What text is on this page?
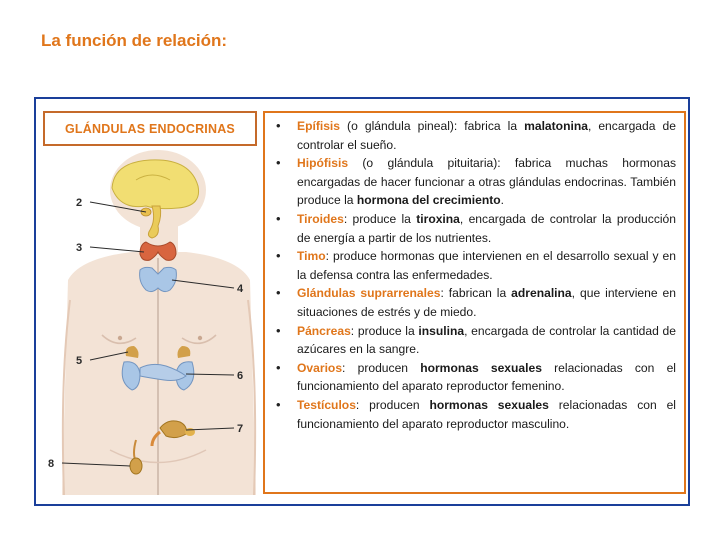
La función de relación:
GLÁNDULAS ENDOCRINAS
2
3
4
5
6
7
8
• Epífisis (o glándula pineal): fabrica la malatonina, encargada de controlar el sueño.
• Hipófisis (o glándula pituitaria): fabrica muchas hormonas encargadas de hacer funcionar a otras glándulas endocrinas. También produce la hormona del crecimiento.
• Tiroides: produce la tiroxina, encargada de controlar la producción de energía a partir de los nutrientes.
• Timo: produce hormonas que intervienen en el desarrollo sexual y en la defensa contra las enfermedades.
• Glándulas suprarrenales: fabrican la adrenalina, que interviene en situaciones de estrés y de miedo.
• Páncreas: produce la insulina, encargada de controlar la cantidad de azúcares en la sangre.
• Ovarios: producen hormonas sexuales relacionadas con el funcionamiento del aparato reproductor femenino.
• Testículos: producen hormonas sexuales relacionadas con el funcionamiento del aparato reproductor masculino.
